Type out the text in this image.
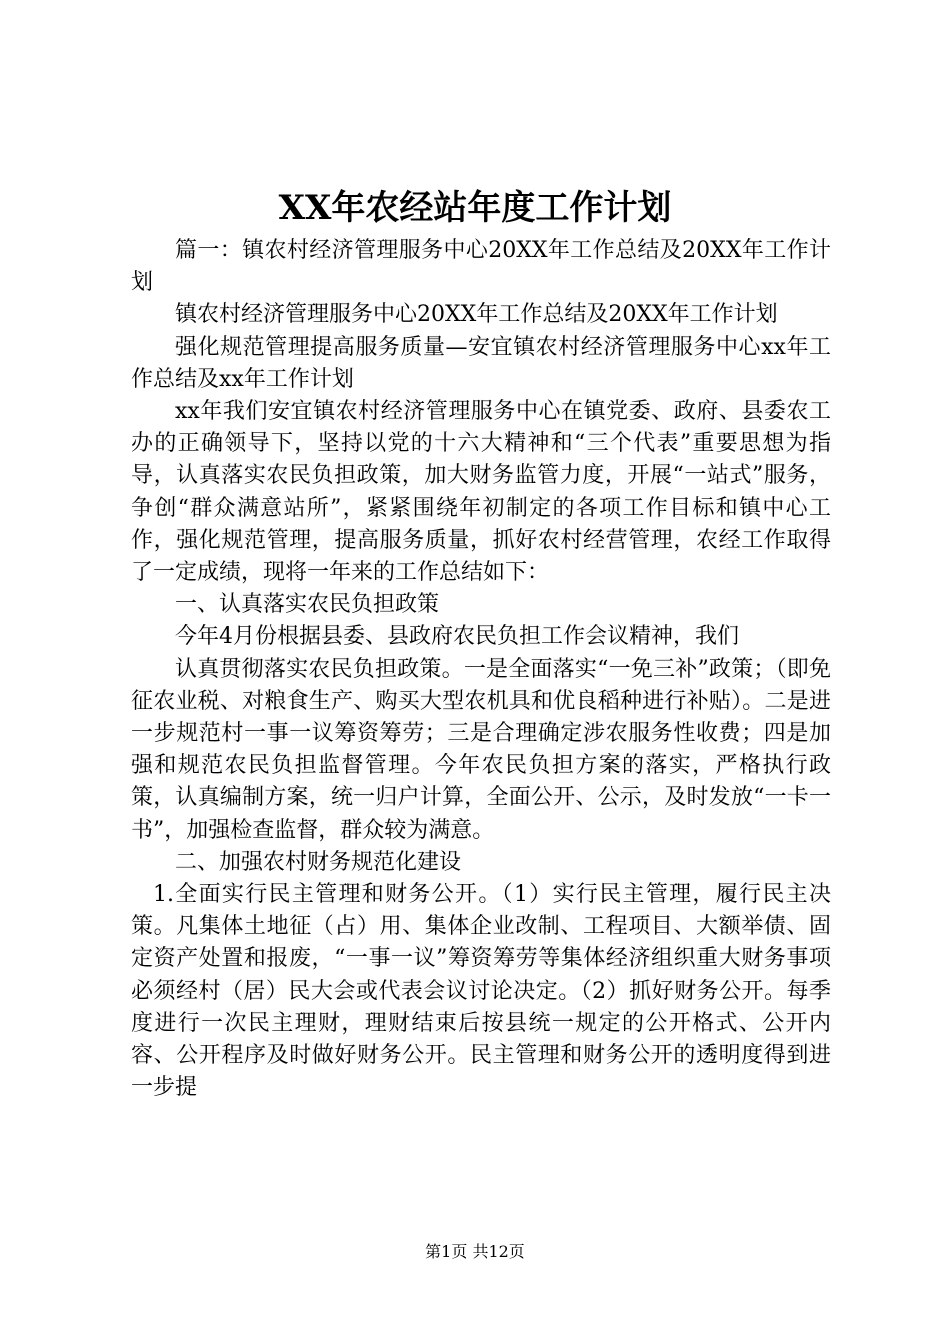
XX年农经站年度工作计划

篇一：镇农村经济管理服务中心20XX年工作总结及20XX年工作计划

镇农村经济管理服务中心20XX年工作总结及20XX年工作计划

强化规范管理提高服务质量—安宜镇农村经济管理服务中心xx年工作总结及xx年工作计划

xx年我们安宜镇农村经济管理服务中心在镇党委、政府、县委农工办的正确领导下，坚持以党的十六大精神和“三个代表”重要思想为指导，认真落实农民负担政策，加大财务监管力度，开展“一站式”服务，争创“群众满意站所”，紧紧围绕年初制定的各项工作目标和镇中心工作，强化规范管理，提高服务质量，抓好农村经营管理，农经工作取得了一定成绩，现将一年来的工作总结如下：

一、认真落实农民负担政策

今年4月份根据县委、县政府农民负担工作会议精神，我们

认真贯彻落实农民负担政策。一是全面落实“一免三补”政策；（即免征农业税、对粮食生产、购买大型农机具和优良稻种进行补贴）。二是进一步规范村一事一议筹资筹劳；三是合理确定涉农服务性收费；四是加强和规范农民负担监督管理。今年农民负担方案的落实，严格执行政策，认真编制方案，统一归户计算，全面公开、公示，及时发放“一卡一书”，加强检查监督，群众较为满意。

二、加强农村财务规范化建设

1.全面实行民主管理和财务公开。（1）实行民主管理，履行民主决策。凡集体土地征（占）用、集体企业改制、工程项目、大额举债、固定资产处置和报废，“一事一议”筹资筹劳等集体经济组织重大财务事项必须经村（居）民大会或代表会议讨论决定。（2）抓好财务公开。每季度进行一次民主理财，理财结束后按县统一规定的公开格式、公开内容、公开程序及时做好财务公开。民主管理和财务公开的透明度得到进一步提

第1页 共12页
